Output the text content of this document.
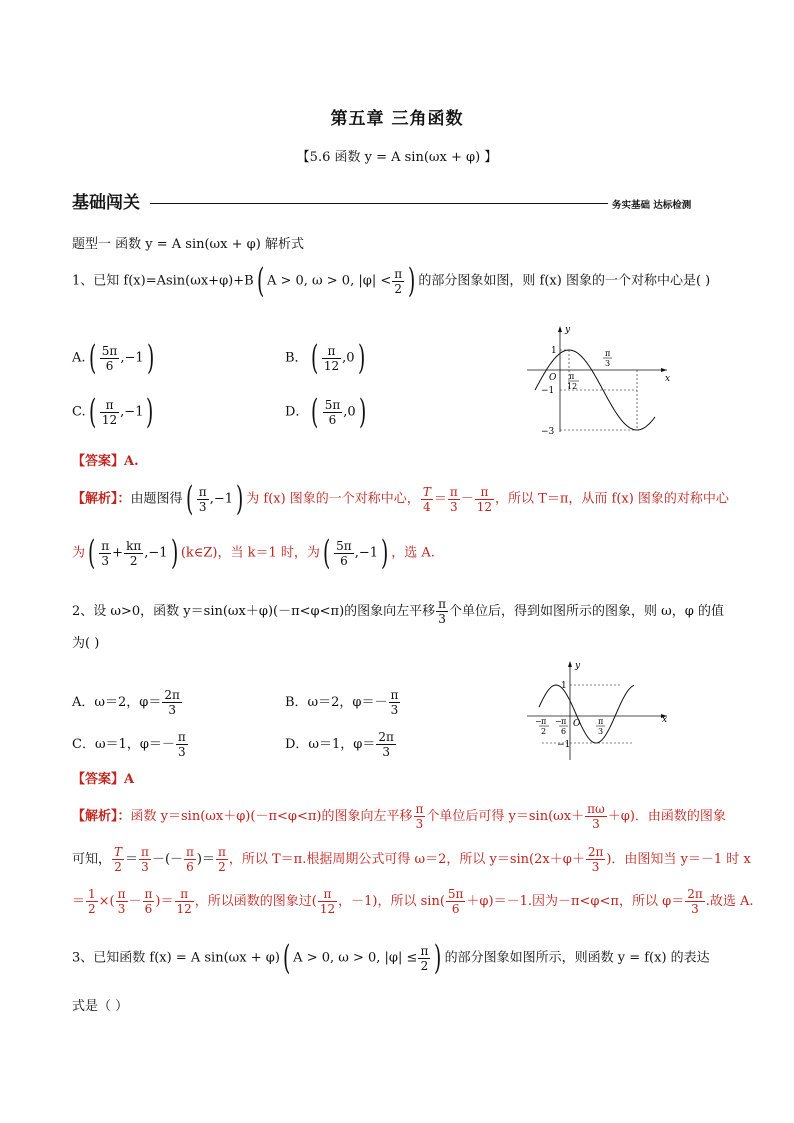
第五章 三角函数
【5.6 函数 y = A sin(ωx + φ) 】
基础闯关	务实基础 达标检测
题型一 函数 y = A sin(ωx + φ) 解析式
1、已知 f(x)=Asin(ωx+φ)+B( A > 0, ω > 0, $|\varphi| < \frac{\pi}{2}$ ) 的部分图象如图，则 f(x) 图象的一个对称中心是( )
$A.( \frac{5\pi}{6} ,-1)$	B．( $\frac{\pi}{12} ,0$)
$C.( \frac{\pi}{12} ,-1)$	D．( $\frac{5\pi}{6} ,0$)
y
x
O
1
−1
−3
π
12
π
3
【答案】A.
【解析】：由题图得( $\frac{\pi}{3} ,-1$) 为 f(x) 图象的一个对称中心， $\frac{T}{4} = \frac{\pi}{3} - \frac{\pi}{12}$ ，所以 T＝π，从而 f(x) 图象的对称中心
为( $\frac{\pi}{3} + \frac{k\pi}{2} ,-1$) (k∈Z)，当 k＝1 时，为( $\frac{5\pi}{6} ,-1$) ，选 A.
2、设 ω>0，函数 y＝sin(ωx＋φ)(－π<φ<π)的图象向左平移 $\frac{\pi}{3}$ 个单位后，得到如图所示的图象，则 ω，φ 的值
为( )
A．ω＝2，$\varphi= \frac{2\pi}{3}$	B．ω＝2，$\varphi=- \frac{\pi}{3}$
C．ω＝1，$\varphi=- \frac{\pi}{3}$	D．ω＝1，$\varphi= \frac{2\pi}{3}$
y
x
O
1
−1
− π
2
− π
6
π
3
【答案】A
【解析】：函数 y＝sin(ωx＋φ)(－π<φ<π)的图象向左平移 $\frac{\pi}{3}$ 个单位后可得 $y=\sin(\omega x+ \frac{\pi\omega}{3} +\varphi)$．由函数的图象
可知， $\frac{T}{2} = \frac{\pi}{3}$ －(－ $\frac{\pi}{6}$ )＝ $\frac{\pi}{2}$ ，所以 T＝π.根据周期公式可得 ω＝2，所以 $y=\sin(2x+\varphi+ \frac{2\pi}{3}$ )．由图知当 y＝－1 时 x
＝ $\frac{1}{2}$ ×( $\frac{\pi}{3} - \frac{\pi}{6}$ )＝ $\frac{\pi}{12}$ ，所以函数的图象过( $\frac{\pi}{12}$ ，－1)，所以 $\sin( \frac{5\pi}{6} +\varphi)=-1$.因为－π<φ<π，所以 $\varphi= \frac{2\pi}{3}$ .故选 A.
3、已知函数 f(x) = A sin(ωx + φ)( A > 0, ω > 0, $|\varphi| \le \frac{\pi}{2}$ ) 的部分图象如图所示，则函数 y = f(x) 的表达
式是（ ）
